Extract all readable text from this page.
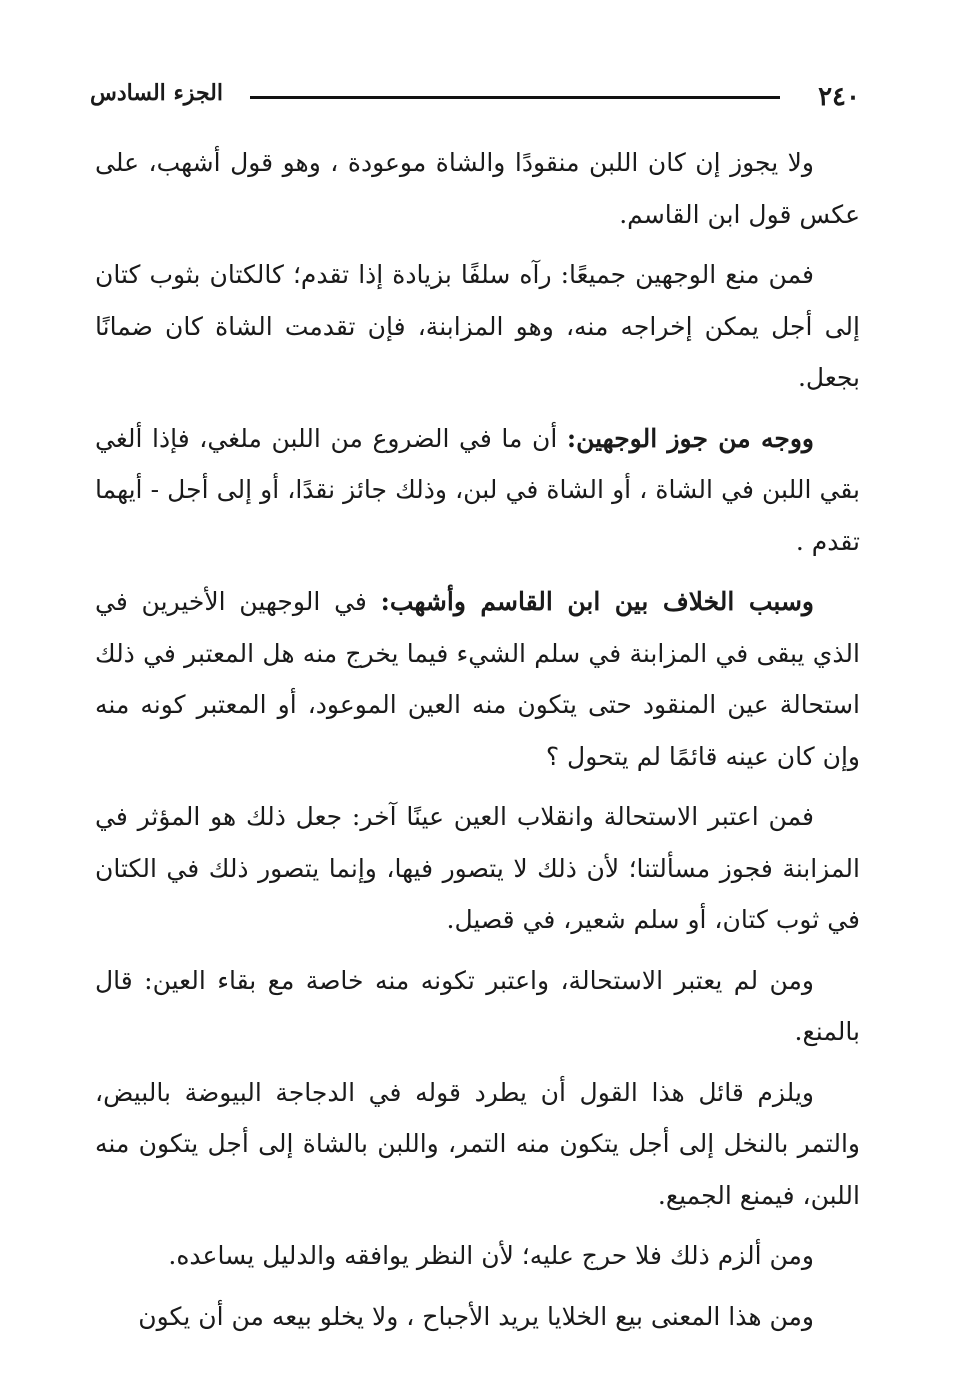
٢٤٠
الجزء السادس

ولا يجوز إن كان اللبن منقودًا والشاة موعودة ، وهو قول أشهب، على عكس قول ابن القاسم.

فمن منع الوجهين جميعًا: رآه سلفًا بزيادة إذا تقدم؛ كالكتان بثوب كتان إلى أجل يمكن إخراجه منه، وهو المزابنة، فإن تقدمت الشاة كان ضمانًا بجعل.

ووجه من جوز الوجهين: أن ما في الضروع من اللبن ملغي، فإذا ألغي بقي اللبن في الشاة ، أو الشاة في لبن، وذلك جائز نقدًا، أو إلى أجل - أيهما تقدم .

وسبب الخلاف بين ابن القاسم وأشهب: في الوجهين الأخيرين في الذي يبقى في المزابنة في سلم الشيء فيما يخرج منه هل المعتبر في ذلك استحالة عين المنقود حتى يتكون منه العين الموعود، أو المعتبر كونه منه وإن كان عينه قائمًا لم يتحول ؟

فمن اعتبر الاستحالة وانقلاب العين عينًا آخر: جعل ذلك هو المؤثر في المزابنة فجوز مسألتنا؛ لأن ذلك لا يتصور فيها، وإنما يتصور ذلك في الكتان في ثوب كتان، أو سلم شعير، في قصيل.

ومن لم يعتبر الاستحالة، واعتبر تكونه منه خاصة مع بقاء العين: قال بالمنع.

ويلزم قائل هذا القول أن يطرد قوله في الدجاجة البيوضة بالبيض، والتمر بالنخل إلى أجل يتكون منه التمر، واللبن بالشاة إلى أجل يتكون منه اللبن، فيمنع الجميع.

ومن ألزم ذلك فلا حرج عليه؛ لأن النظر يوافقه والدليل يساعده.

ومن هذا المعنى بيع الخلايا يريد الأجباح ، ولا يخلو بيعه من أن يكون
